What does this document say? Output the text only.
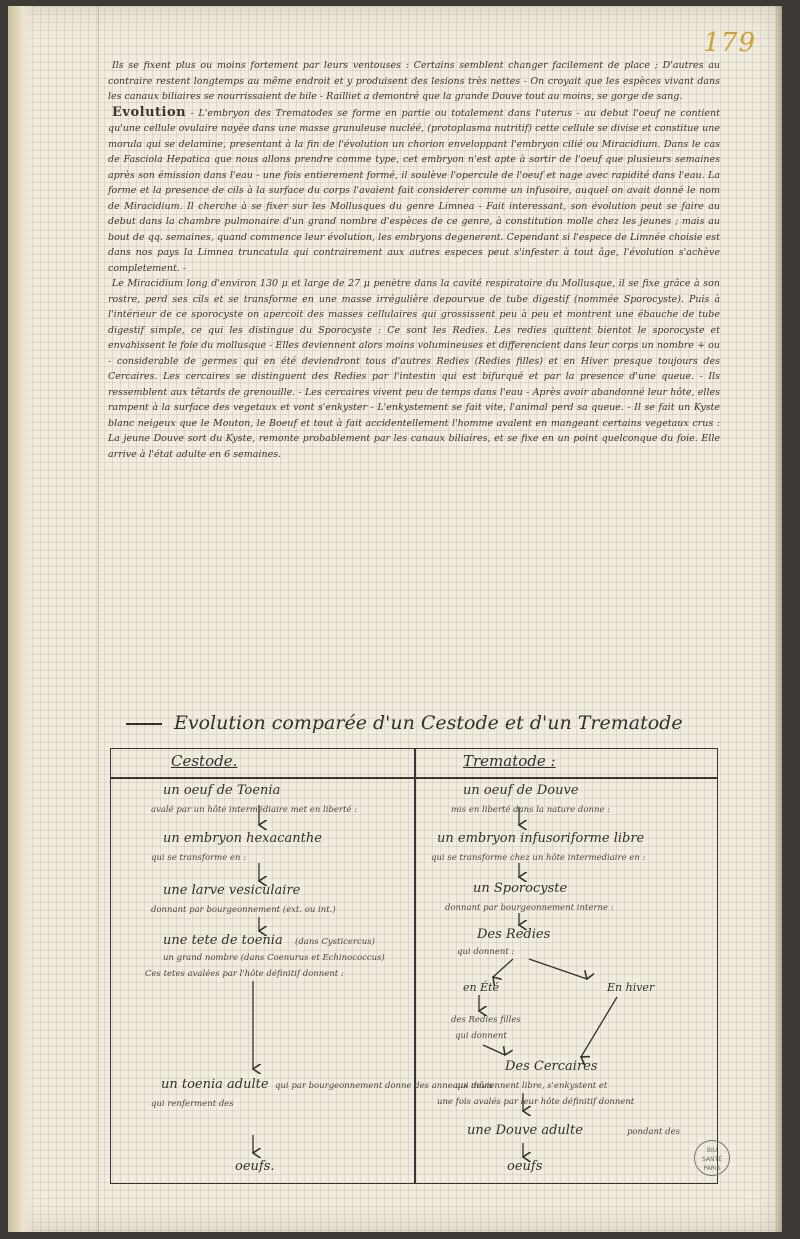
179

Ils se fixent plus ou moins fortement par leurs ventouses : Certains semblent changer facilement de place ; D'autres au contraire restent longtemps au même endroit et y produisent des lesions très nettes - On croyait que les espèces vivant dans les canaux biliaires se nourrissaient de bile - Railliet a demontré que la grande Douve tout au moins, se gorge de sang.

Evolution - L'embryon des Trematodes se forme en partie ou totalement dans l'uterus - au debut l'oeuf ne contient qu'une cellule ovulaire noyée dans une masse granuleuse nucléé, (protoplasma nutritif) cette cellule se divise et constitue une morula qui se delamine, presentant à la fin de l'évolution un chorion enveloppant l'embryon cilié ou Miracidium. Dans le cas de Fasciola Hepatica que nous allons prendre comme type, cet embryon n'est apte à sortir de l'oeuf que plusieurs semaines après son émission dans l'eau - une fois entierement formé, il soulève l'opercule de l'oeuf et nage avec rapidité dans l'eau. La forme et la presence de cils à la surface du corps l'avaient fait considerer comme un infusoire, auquel on avait donné le nom de Miracidium. Il cherche à se fixer sur les Mollusques du genre Limnea - Fait interessant, son évolution peut se faire au debut dans la chambre pulmonaire d'un grand nombre d'espèces de ce genre, à constitution molle chez les jeunes ; mais au bout de qq. semaines, quand commence leur évolution, les embryons degenerent. Cependant si l'espece de Limnée choisie est dans nos pays la Limnea truncatula qui contrairement aux autres especes peut s'infester à tout âge, l'évolution s'achève completement. -

Le Miracidium long d'environ 130 μ et large de 27 μ penètre dans la cavité respiratoire du Mollusque, il se fixe grâce à son rostre, perd ses cils et se transforme en une masse irrégulière depourvue de tube digestif (nommée Sporocyste). Puis à l'intérieur de ce sporocyste on apercoit des masses cellulaires qui grossissent peu à peu et montrent une ébauche de tube digestif simple, ce qui les distingue du Sporocyste : Ce sont les Redies. Les redies quittent bientot le sporocyste et envahissent le foie du mollusque - Elles deviennent alors moins volumineuses et differencient dans leur corps un nombre + ou - considerable de germes qui en été deviendront tous d'autres Redies (Redies filles) et en Hiver presque toujours des Cercaires. Les cercaires se distinguent des Redies par l'intestin qui est bifurqué et par la presence d'une queue. - Ils ressemblent aux têtards de grenouille. - Les cercaires vivent peu de temps dans l'eau - Après avoir abandonné leur hôte, elles rampent à la surface des vegetaux et vont s'enkyster - L'enkystement se fait vite, l'animal perd sa queue. - Il se fait un Kyste blanc neigeux que le Mouton, le Boeuf et tout à fait accidentellement l'homme avalent en mangeant certains vegetaux crus : La jeune Douve sort du Kyste, remonte probablement par les canaux biliaires, et se fixe en un point quelconque du foie. Elle arrive à l'état adulte en 6 semaines.

Evolution comparée d'un Cestode et d'un Trematode
Cestode.	Trematode :
un oeuf de Toenia
avalé par un hôte intermédiaire met en liberté :
un embryon hexacanthe
qui se transforme en :
une larve vesiculaire
donnant par bourgeonnement (ext. ou int.)
une tete de toenia (dans Cysticercus)
un grand nombre (dans Coenurus et Echinococcus)
Ces tetes avalées par l'hôte définitif donnent :
un toenia adulte qui par bourgeonnement donne des anneaux mûrs
qui renferment des
oeufs.
un oeuf de Douve
mis en liberté dans la nature donne :
un embryon infusoriforme libre
qui se transforme chez un hôte intermediaire en :
un Sporocyste
donnant par bourgeonnement interne :
Des Redies
qui donnent :
en Été	En hiver
des Redies filles
qui donnent
Des Cercaires
qui deviennent libre, s'enkystent et
une fois avalés par leur hôte définitif donnent
une Douve adulte	pondant des
oeufs
BIU
SANTÉ
PARIS
